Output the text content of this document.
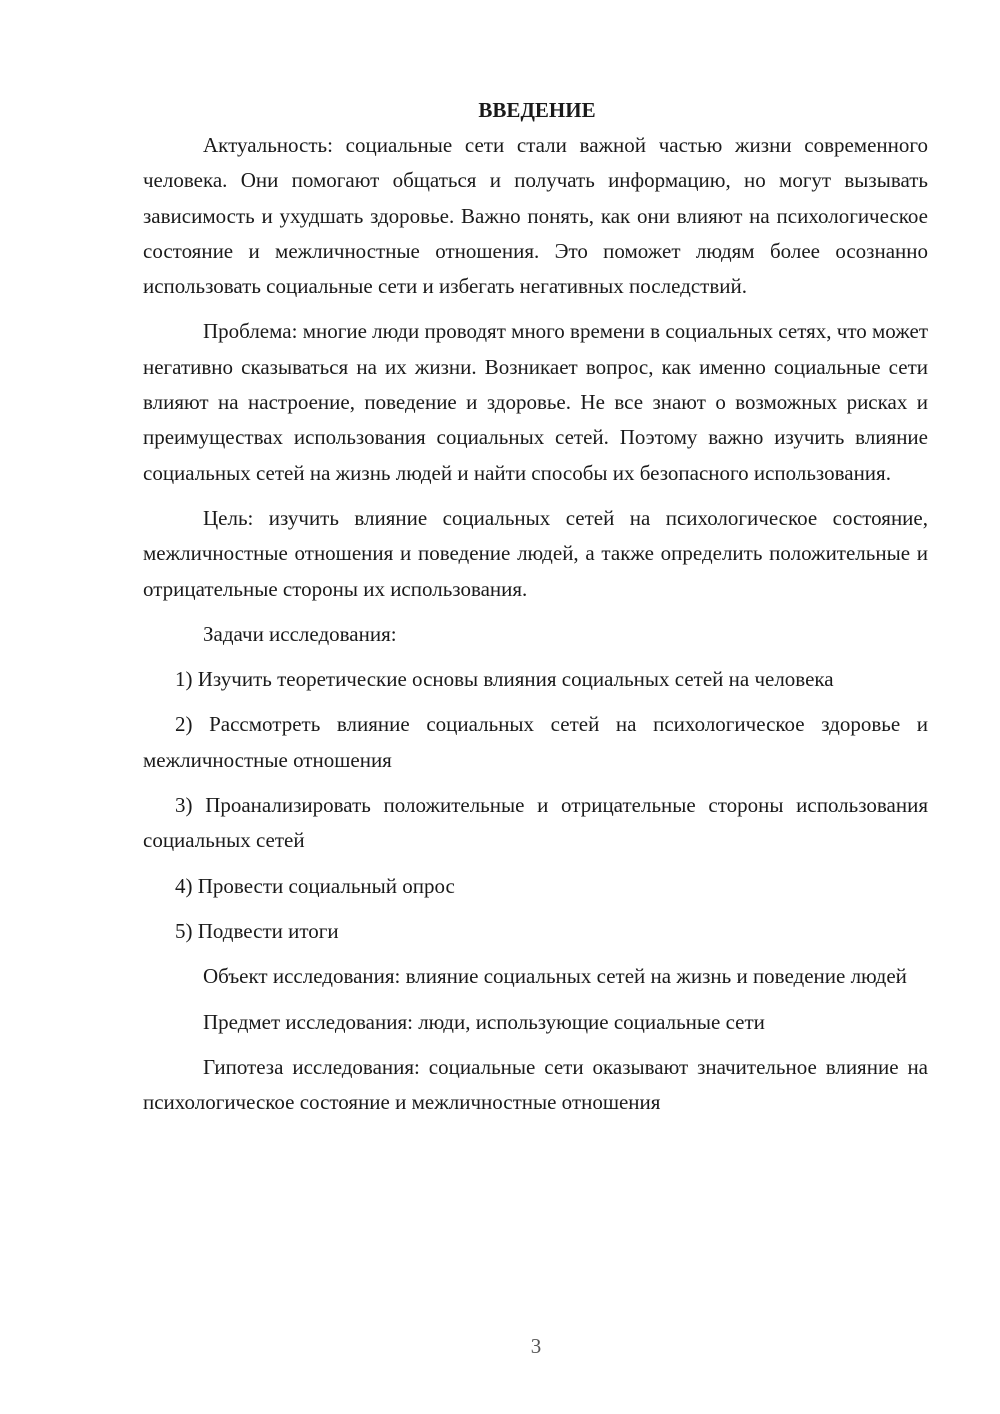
ВВЕДЕНИЕ

Актуальность: социальные сети стали важной частью жизни современного человека. Они помогают общаться и получать информацию, но могут вызывать зависимость и ухудшать здоровье. Важно понять, как они влияют на психологическое состояние и межличностные отношения. Это поможет людям более осознанно использовать социальные сети и избегать негативных последствий.

Проблема: многие люди проводят много времени в социальных сетях, что может негативно сказываться на их жизни. Возникает вопрос, как именно социальные сети влияют на настроение, поведение и здоровье. Не все знают о возможных рисках и преимуществах использования социальных сетей. Поэтому важно изучить влияние социальных сетей на жизнь людей и найти способы их безопасного использования.

Цель: изучить влияние социальных сетей на психологическое состояние, межличностные отношения и поведение людей, а также определить положительные и отрицательные стороны их использования.

Задачи исследования:

1) Изучить теоретические основы влияния социальных сетей на человека

2) Рассмотреть влияние социальных сетей на психологическое здоровье и межличностные отношения

3) Проанализировать положительные и отрицательные стороны использования социальных сетей

4) Провести социальный опрос

5) Подвести итоги

Объект исследования: влияние социальных сетей на жизнь и поведение людей

Предмет исследования: люди, использующие социальные сети

Гипотеза исследования: социальные сети оказывают значительное влияние на психологическое состояние и межличностные отношения

3
